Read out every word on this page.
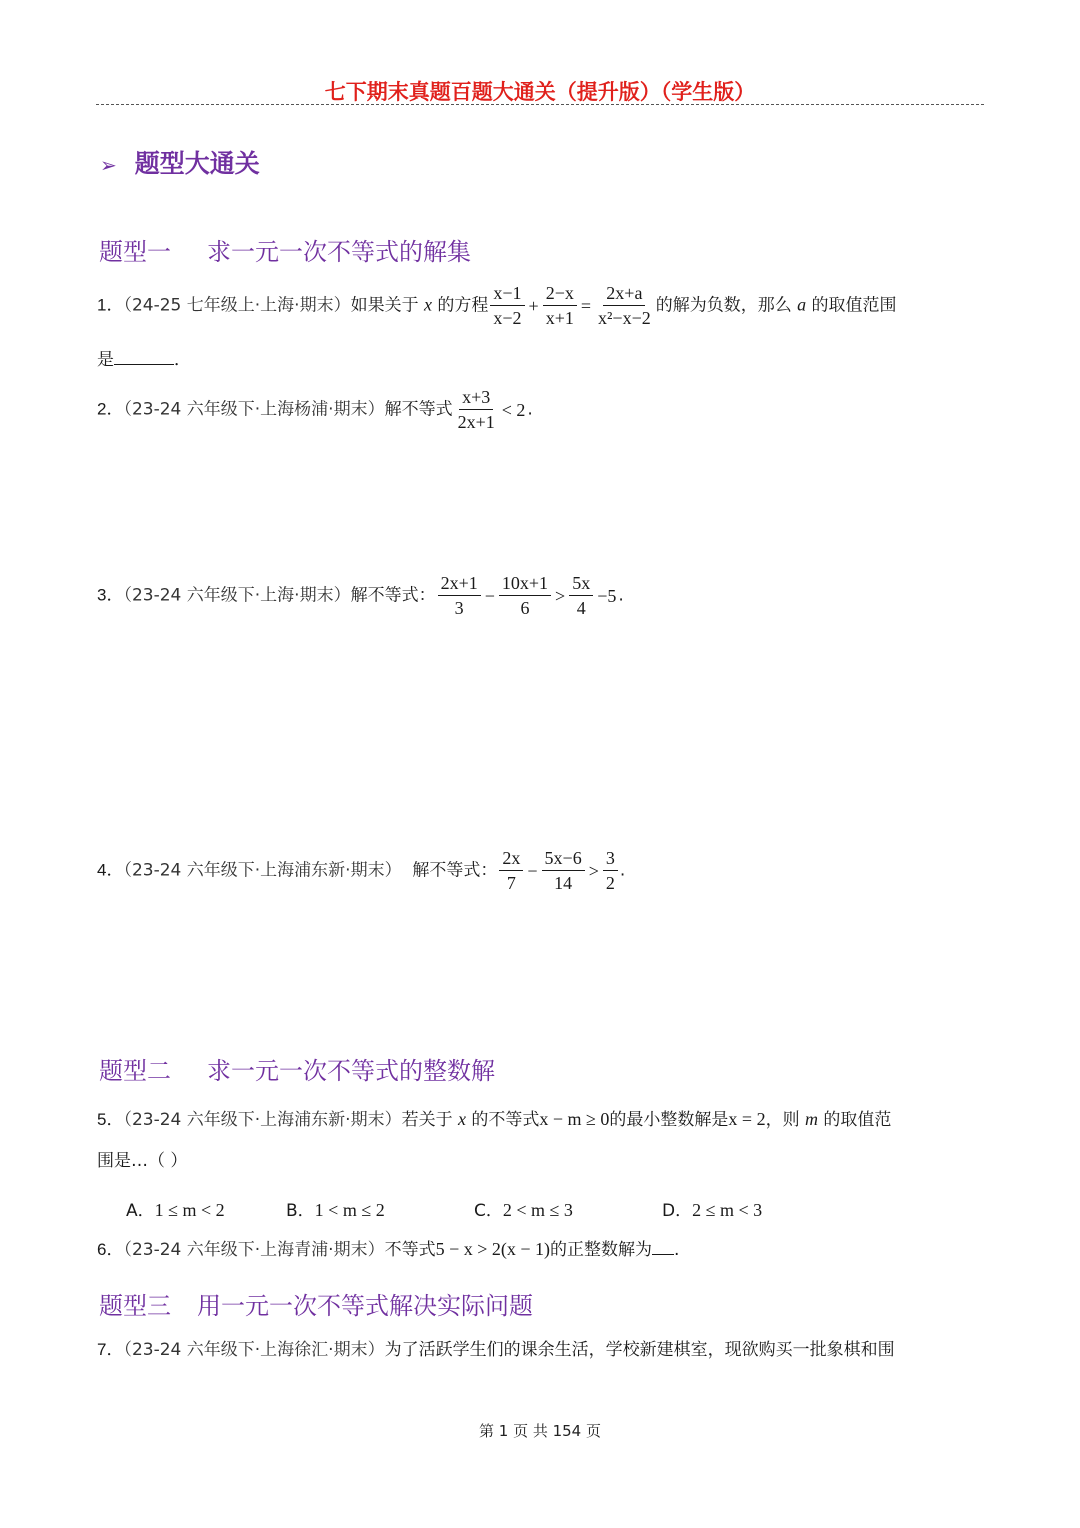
七下期末真题百题大通关（提升版）（学生版）
➢ 题型大通关
题型一 求一元一次不等式的解集
1．（24-25 七年级上·上海·期末）如果关于 x 的方程 $\frac{x-1}{x-2} + \frac{2-x}{x+1} = \frac{2x+a}{\text{x²−x−2}}$ 的解为负数，那么 a 的取值范围
是	．
2．（23-24 六年级下·上海杨浦·期末）解不等式 $\frac{x+3}{2x+1} < 2$ .
3．（23-24 六年级下·上海·期末）解不等式： $\frac{2x+1}{3} - \frac{10x+1}{6} > \frac{5x}{4} -5$ .
4．（23-24 六年级下·上海浦东新·期末） 解不等式： $\frac{2x}{7} - \frac{5x-6}{14} > \frac{3}{2}$ .
题型二 求一元一次不等式的整数解
5．（23-24 六年级下·上海浦东新·期末）若关于 x 的不等式x − m ≥ 0的最小整数解是x = 2，则 m 的取值范
围是…（ ）
A．1 ≤ m < 2	B．1 < m ≤ 2	C．2 < m ≤ 3	D．2 ≤ m < 3
6．（23-24 六年级下·上海青浦·期末）不等式5 − x > 2(x − 1)的正整数解为 .
题型三 用一元一次不等式解决实际问题
7．（23-24 六年级下·上海徐汇·期末）为了活跃学生们的课余生活，学校新建棋室，现欲购买一批象棋和围
第 1 页 共 154 页
